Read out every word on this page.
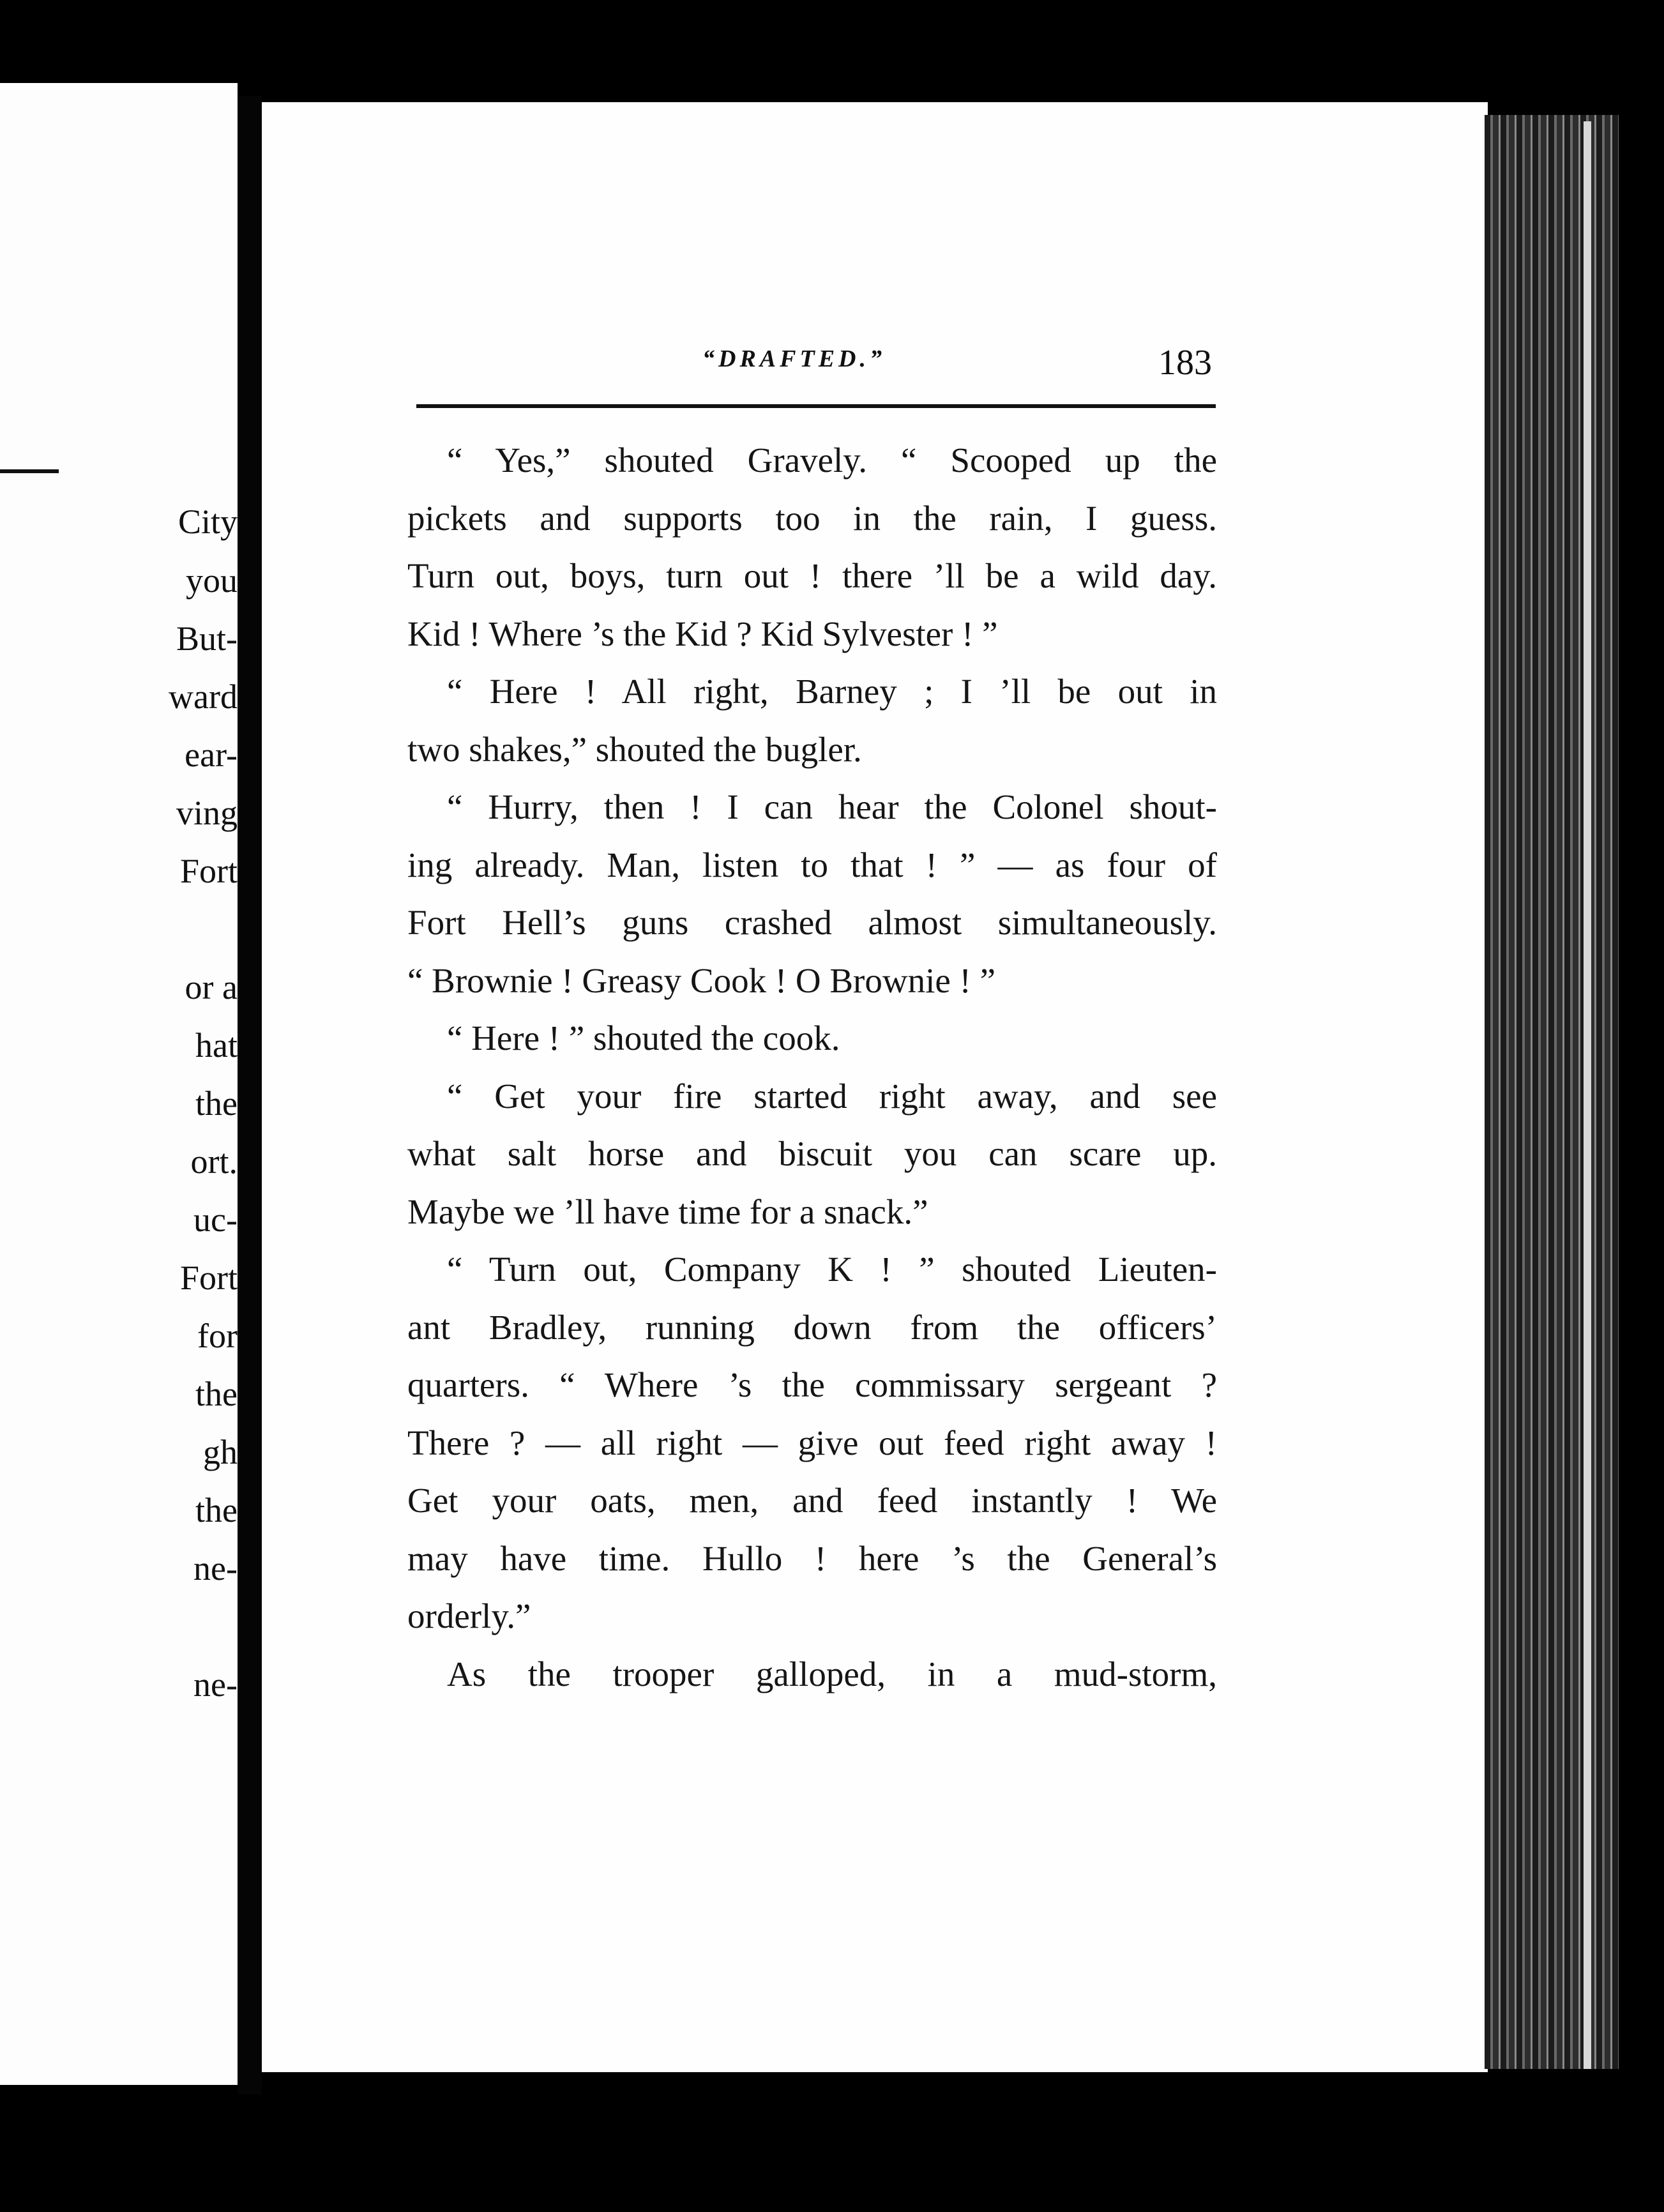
City
you
But-
ward
ear-
ving
Fort
or a
hat
the
ort.
uc-
Fort
for
the
gh
the
ne-
ne-
“DRAFTED.”	183
“ Yes,” shouted Gravely. “ Scooped up the
pickets and supports too in the rain, I guess.
Turn out, boys, turn out ! there ’ll be a wild day.
Kid ! Where ’s the Kid ? Kid Sylvester ! ”
“ Here ! All right, Barney ; I ’ll be out in
two shakes,” shouted the bugler.
“ Hurry, then ! I can hear the Colonel shout-
ing already. Man, listen to that ! ” — as four of
Fort Hell’s guns crashed almost simultaneously.
“ Brownie ! Greasy Cook ! O Brownie ! ”
“ Here ! ” shouted the cook.
“ Get your fire started right away, and see
what salt horse and biscuit you can scare up.
Maybe we ’ll have time for a snack.”
“ Turn out, Company K ! ” shouted Lieuten-
ant Bradley, running down from the officers’
quarters. “ Where ’s the commissary sergeant ?
There ? — all right — give out feed right away !
Get your oats, men, and feed instantly ! We
may have time. Hullo ! here ’s the General’s
orderly.”
As the trooper galloped, in a mud-storm,
